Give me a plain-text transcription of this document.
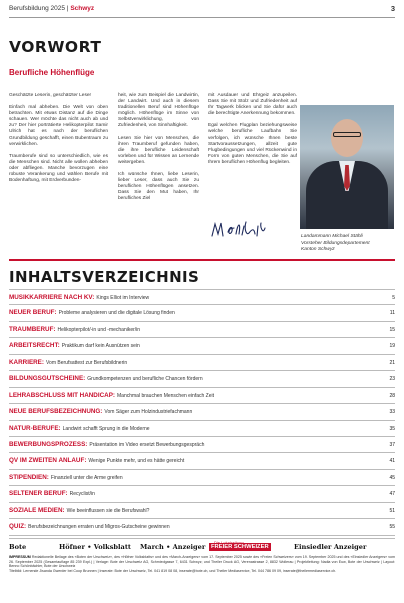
Berufsbildung 2025 | Schwyz	3
VORWORT
Berufliche Höhenflüge

Geschätzte Leserin, geschätzter Leser

Einfach mal abheben. Die Welt von oben betrachten. Mit etwas Distanz auf die Dinge schauen. Wer möchte das nicht auch ab und zu? Der hier porträtierte Helikopterpilot Samir Ulrich hat es nach der beruflichen Grundbildung geschafft, einen Bubentraum zu verwirklichen.

Traumberufe sind so unterschiedlich, wie es die Menschen sind. Nicht alle wollen abheben oder abfliegen. Manche bevorzugen eine robuste Verankerung und wählen Berufe mit Bodenhaftung, mit Erdverbunden-

heit, wie zum Beispiel die Landwirtin, der Landwirt. Und auch in diesem traditionellen Beruf sind Höhenflüge möglich. Höhenflüge im Sinne von Selbstverwirklichung, von Zufriedenheit, von Sinnhaftigkeit.

Lesen Sie hier von Menschen, die ihren Traumberuf gefunden haben, die ihre berufliche Leidenschaft vorleben und für Wissen an Lernende weitergeben.

Ich wünsche Ihnen, liebe Leserin, lieber Leser, dass auch Sie zu beruflichen Höhenflügen ansetzen. Dass Sie den Mut haben, Ihr berufliches Ziel

mit Ausdauer und Ehrgeiz anzupeilen. Dass Sie mit Stolz und Zufriedenheit auf Ihr Tagwerk blicken und Sie dafür auch die berechtigte Anerkennung bekommen.

Egal welchen Flugplan beziehungsweise welche berufliche Laufbahn Sie verfolgen, ich wünsche Ihnen beste Startvoraussetzungen, allzeit gute Flugbedingungen und viel Rückenwind in Form von guten Menschen, die Sie auf Ihrem beruflichen Höhenflug begleiten.

Landammann Michael Stähli
Vorsteher Bildungsdepartement
Kanton Schwyz
INHALTSVERZEICHNIS
MUSIKKARRIERE NACH KV: Kings Elliot im Interview	5
NEUER BERUF: Probleme analysieren und die digitale Lösung finden	11
TRAUMBERUF: Helikopterpilot/-in und -mechaniker/in	15
ARBEITSRECHT: Praktikum darf kein Ausnützen sein	19
KARRIERE: Vom Berufsattest zur Berufsbildnerin	21
BILDUNGSGUTSCHEINE: Grundkompetenzen und berufliche Chancen fördern	23
LEHRABSCHLUSS MIT HANDICAP: Manchmal brauchen Menschen einfach Zeit	28
NEUE BERUFSBEZEICHNUNG: Vom Säger zum Holzindustriefachmann	33
NATUR-BERUFE: Landwirt schafft Sprung in die Moderne	35
BEWERBUNGSPROZESS: Präsentation im Video ersetzt Bewerbungsgespräch	37
QV IM ZWEITEN ANLAUF: Wenige Punkte mehr, und es hätte gereicht	41
STIPENDIEN: Finanziell unter die Arme greifen	45
SELTENER BERUF: Recyclist/in	47
SOZIALE MEDIEN: Wie beeinflussen sie die Berufswahl?	51
QUIZ: Berufsbezeichnungen erraten und Migros-Gutscheine gewinnen	55
Bote	Höfner • Volksblatt March • Anzeiger FREIER SCHWEIZER	Einsiedler Anzeiger
IMPRESSUM Redaktionelle Beilage des «Boten der Urschweiz», des «Höfner Volksblatts» und des «March-Anzeigers» vom 17. September 2025 sowie des «Freien Schweizers» vom 19. September 2025 und des «Einsiedler Anzeigers» vom 26. September 2025 (Gesamtauflage 85 239 Expl.) | Verlage: Bote der Urschweiz AG, Schmiedgasse 7, 6431 Schwyz; und Theiler Druck AG, Verenastrasse 2, 8832 Wollerau | Projektleitung: Nadia von Euw, Bote der Urschweiz | Layout: Benno Schönbächler, Bote der Urschweiz
Titelbild: Lernende Jisanda Gwerder bei Coop Brunnen | Inserate: Bote der Urschweiz, Tel. 041 819 08 08, inserate@bote.ch, und Theiler Mediaservice, Tel. 044 786 09 09, inserate@theilermediaservice.ch.
